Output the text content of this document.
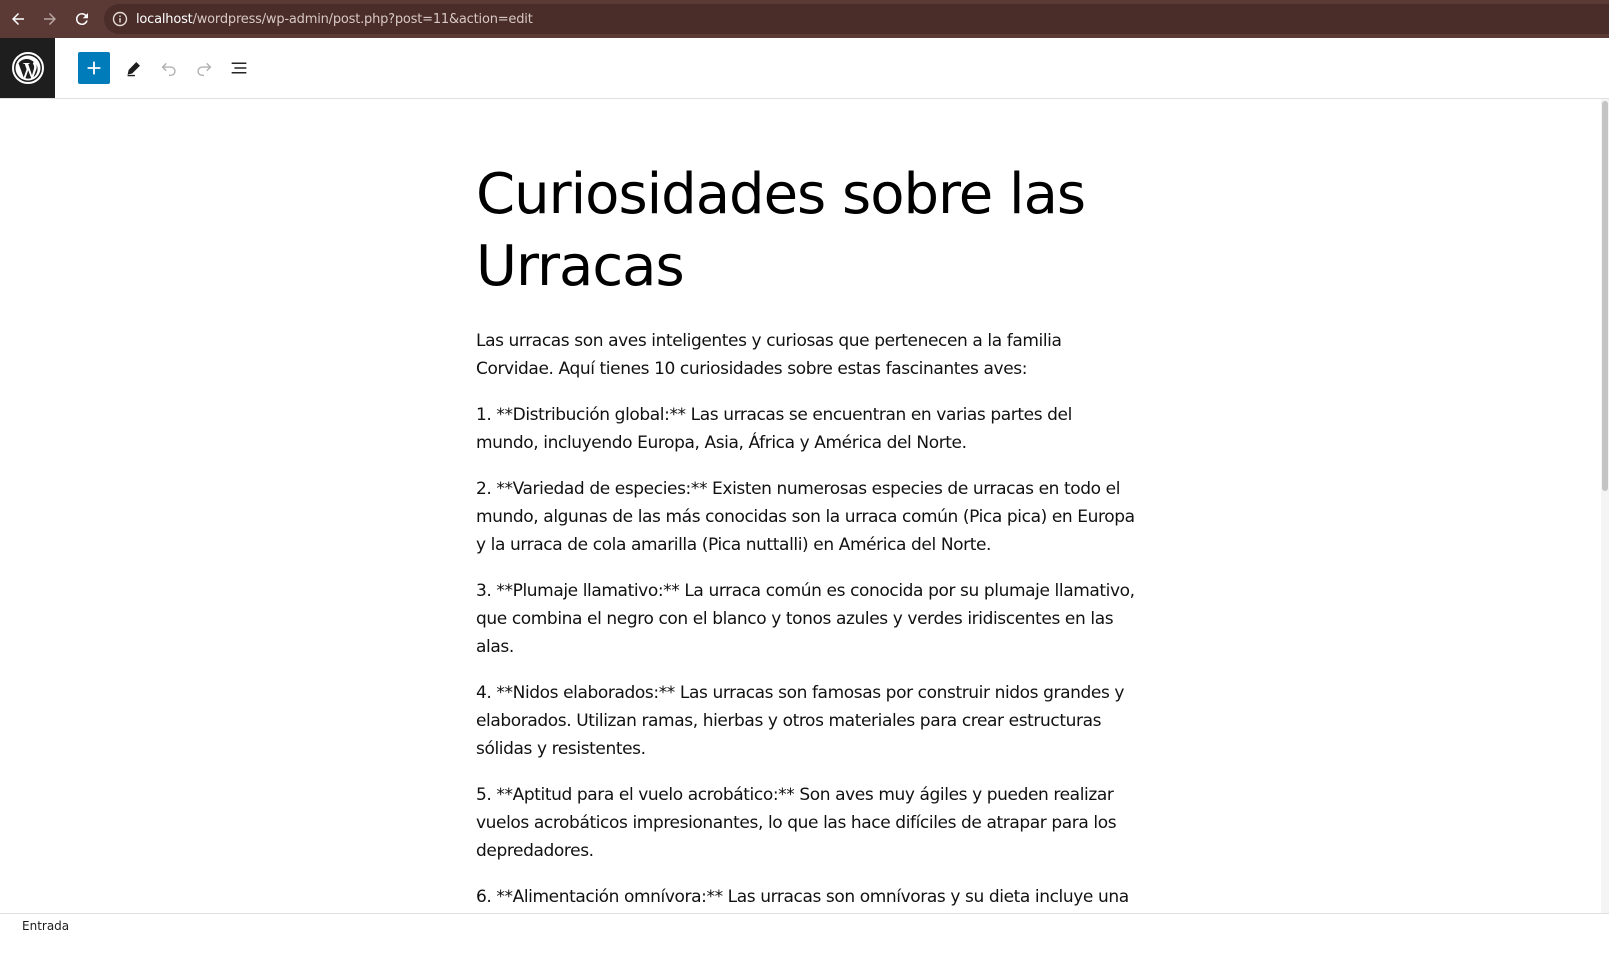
localhost/wordpress/wp-admin/post.php?post=11&action=edit
Curiosidades sobre las Urracas

Las urracas son aves inteligentes y curiosas que pertenecen a la familia Corvidae. Aquí tienes 10 curiosidades sobre estas fascinantes aves:

1. **Distribución global:** Las urracas se encuentran en varias partes del mundo, incluyendo Europa, Asia, África y América del Norte.

2. **Variedad de especies:** Existen numerosas especies de urracas en todo el mundo, algunas de las más conocidas son la urraca común (Pica pica) en Europa y la urraca de cola amarilla (Pica nuttalli) en América del Norte.

3. **Plumaje llamativo:** La urraca común es conocida por su plumaje llamativo, que combina el negro con el blanco y tonos azules y verdes iridiscentes en las alas.

4. **Nidos elaborados:** Las urracas son famosas por construir nidos grandes y elaborados. Utilizan ramas, hierbas y otros materiales para crear estructuras sólidas y resistentes.

5. **Aptitud para el vuelo acrobático:** Son aves muy ágiles y pueden realizar vuelos acrobáticos impresionantes, lo que las hace difíciles de atrapar para los depredadores.

6. **Alimentación omnívora:** Las urracas son omnívoras y su dieta incluye una

Entrada
